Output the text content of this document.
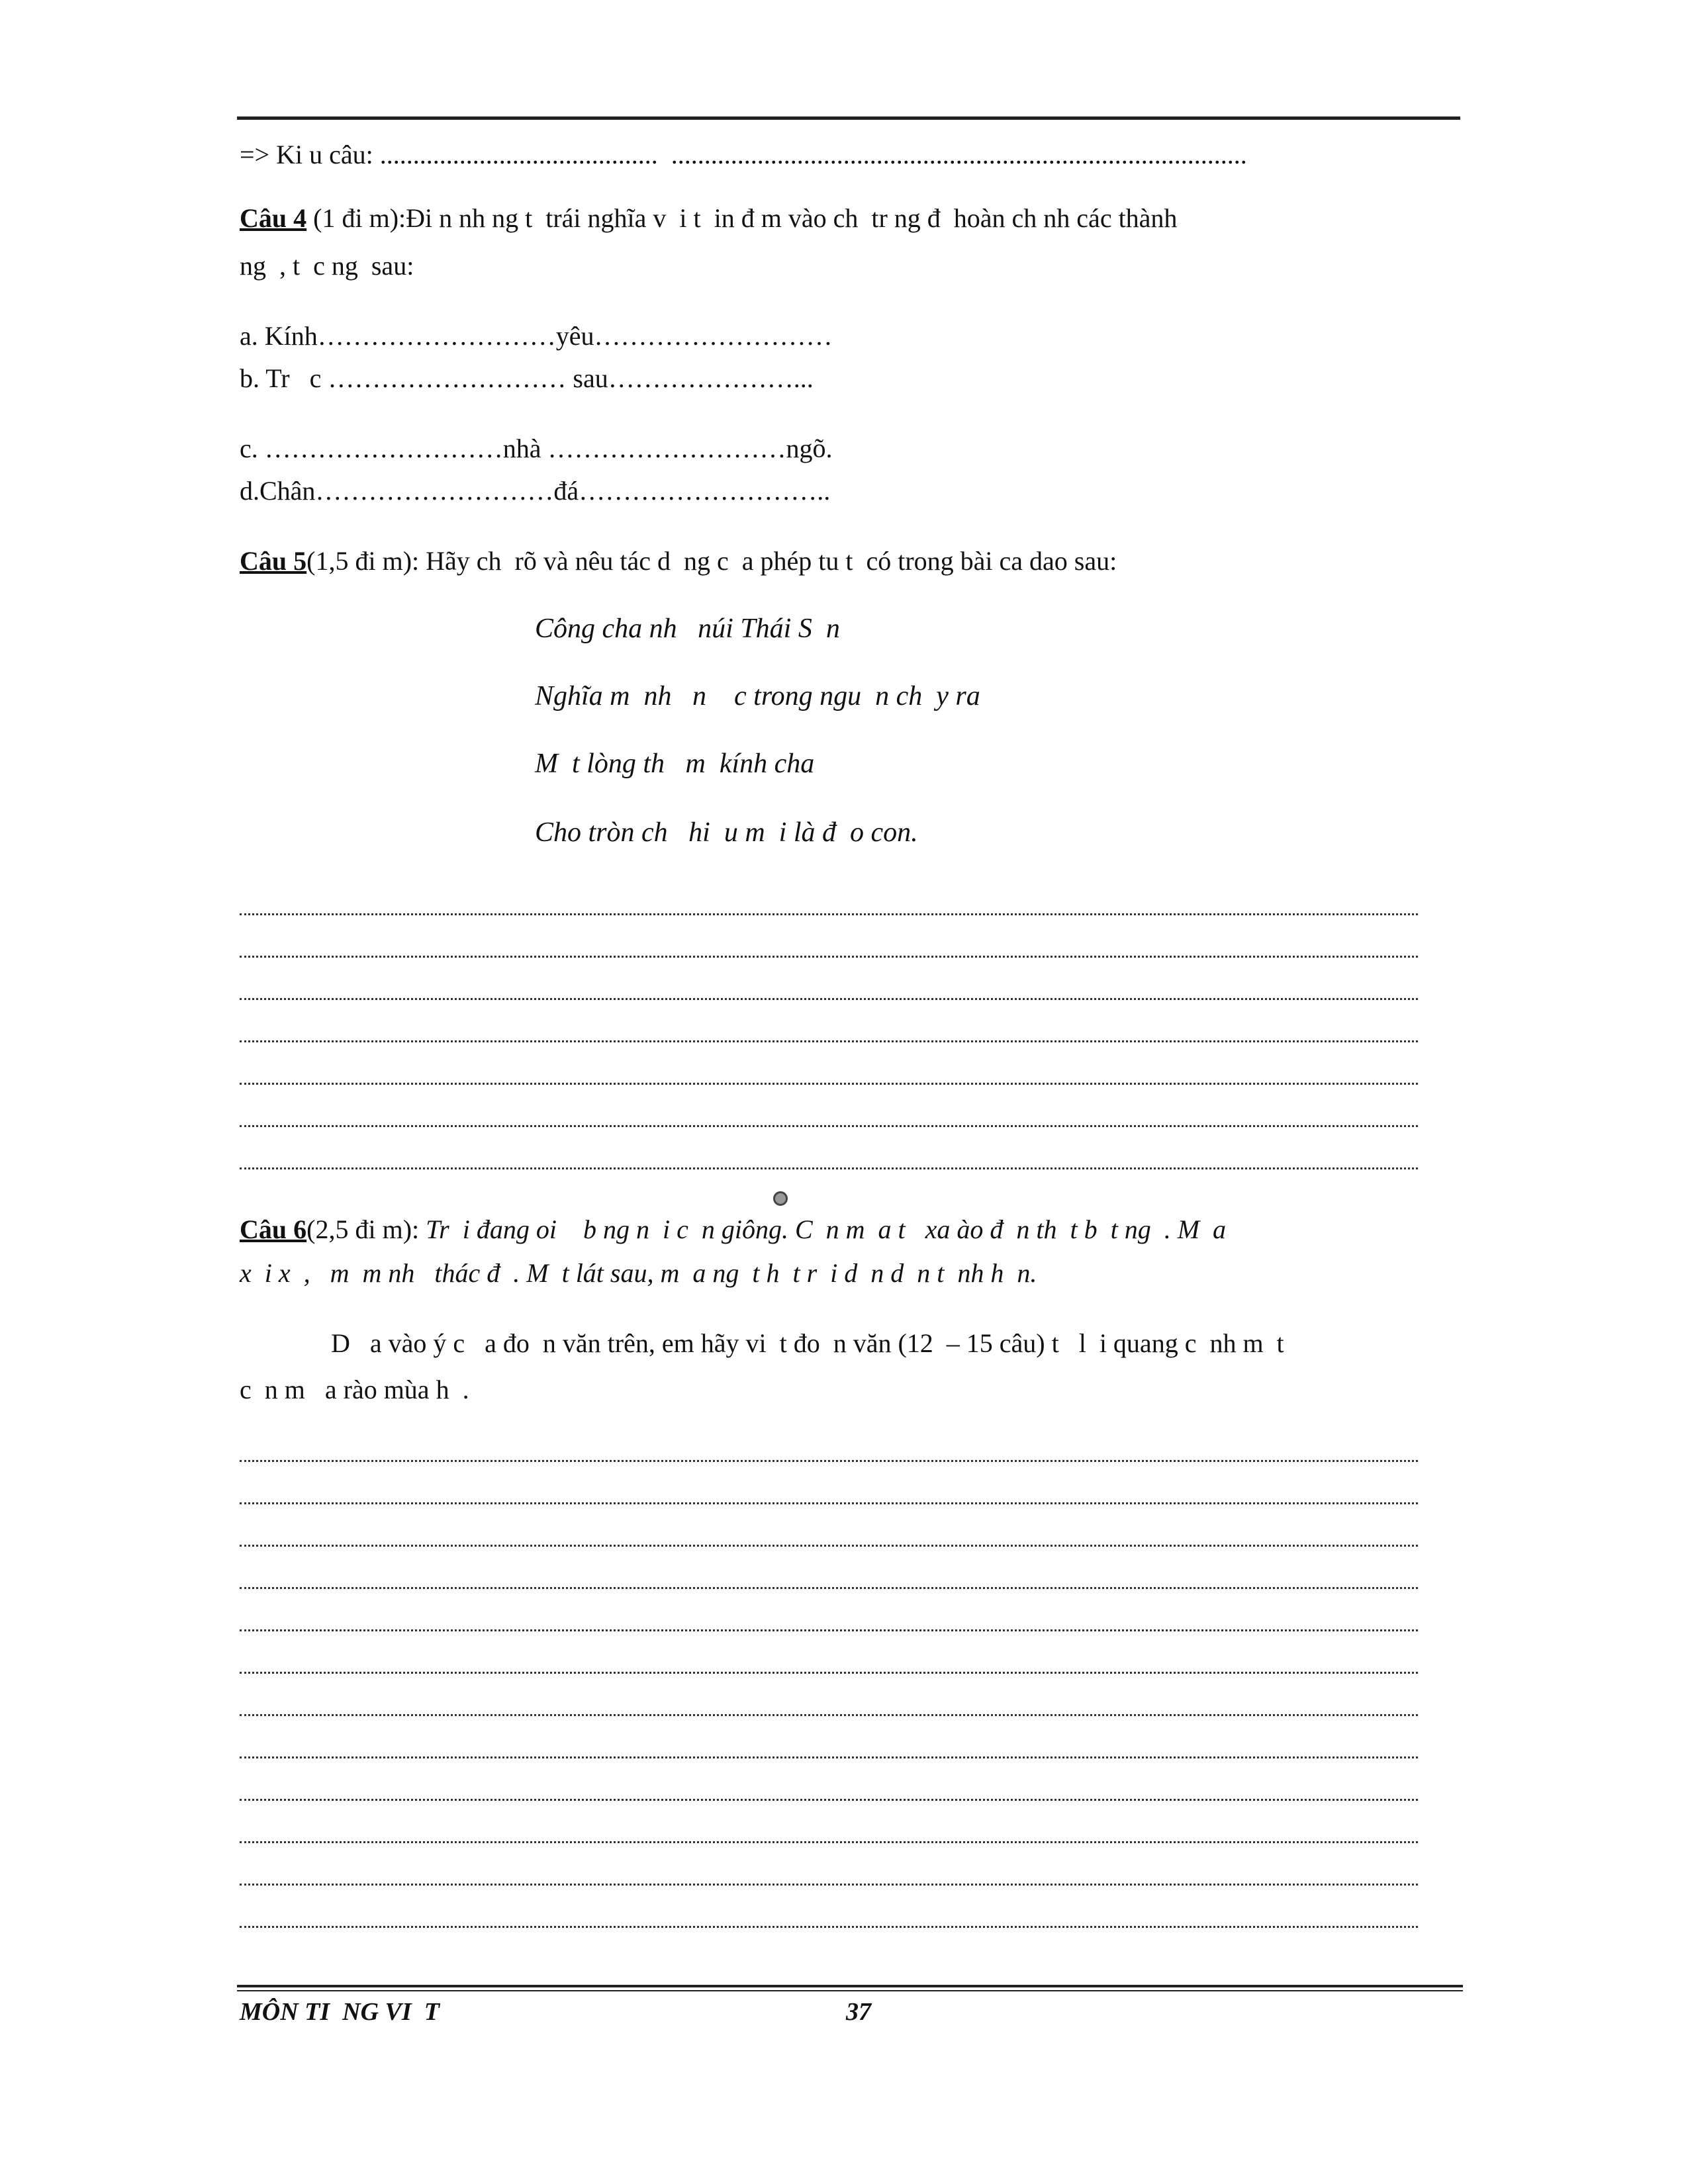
=> Ki u câu: ..........................................  .......................................................................................
Câu 4 (1 đi m):Đi n nh ng t  trái nghĩa v  i t  in đ m vào ch  tr ng đ  hoàn ch nh các thành
ng  , t  c ng  sau:
a. Kính………………………yêu………………………
b. Tr   c ……………………… sau…………………...
c. ………………………nhà ………………………ngõ.
d.Chân………………………đá………………………..
Câu 5(1,5 đi m): Hãy ch  rõ và nêu tác d  ng c  a phép tu t  có trong bài ca dao sau:
Công cha nh   núi Thái S  n
Nghĩa m  nh   n    c trong ngu  n ch  y ra
M  t lòng th   m  kính cha
Cho tròn ch   hi  u m  i là đ  o con.
Câu 6(2,5 đi m): Tr  i đang oi    b ng n  i c  n giông. C  n m  a t   xa ào đ  n th  t b  t ng  . M  a
x  i x  ,   m  m nh   thác đ  . M  t lát sau, m  a ng  t h  t r  i d  n d  n t  nh h  n.
D   a vào ý c   a đo  n văn trên, em hãy vi  t đo  n văn (12  – 15 câu) t   l  i quang c  nh m  t
c  n m   a rào mùa h  .
MÔN TI  NG VI  T	37
